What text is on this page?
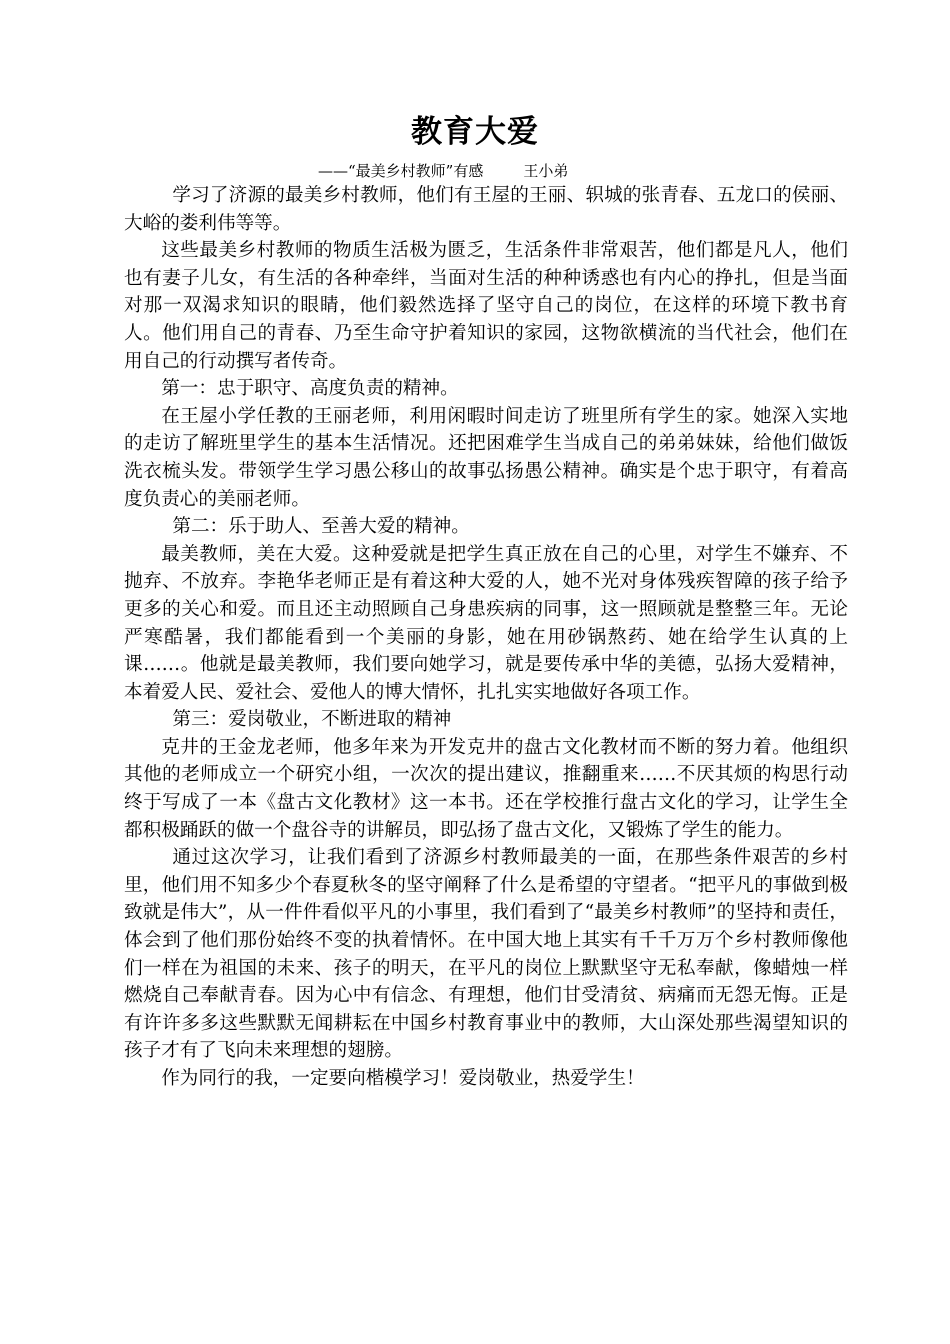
教育大爱
——“最美乡村教师”有感	王小弟

学习了济源的最美乡村教师，他们有王屋的王丽、轵城的张青春、五龙口的侯丽、大峪的娄利伟等等。

这些最美乡村教师的物质生活极为匮乏，生活条件非常艰苦，他们都是凡人，他们也有妻子儿女，有生活的各种牵绊，当面对生活的种种诱惑也有内心的挣扎，但是当面对那一双渴求知识的眼睛，他们毅然选择了坚守自己的岗位，在这样的环境下教书育人。他们用自己的青春、乃至生命守护着知识的家园，这物欲横流的当代社会，他们在用自己的行动撰写者传奇。

第一：忠于职守、高度负责的精神。

在王屋小学任教的王丽老师，利用闲暇时间走访了班里所有学生的家。她深入实地的走访了解班里学生的基本生活情况。还把困难学生当成自己的弟弟妹妹，给他们做饭洗衣梳头发。带领学生学习愚公移山的故事弘扬愚公精神。确实是个忠于职守，有着高度负责心的美丽老师。

第二：乐于助人、至善大爱的精神。

最美教师，美在大爱。这种爱就是把学生真正放在自己的心里，对学生不嫌弃、不抛弃、不放弃。李艳华老师正是有着这种大爱的人，她不光对身体残疾智障的孩子给予更多的关心和爱。而且还主动照顾自己身患疾病的同事，这一照顾就是整整三年。无论严寒酷暑，我们都能看到一个美丽的身影，她在用砂锅熬药、她在给学生认真的上课……。他就是最美教师，我们要向她学习，就是要传承中华的美德，弘扬大爱精神，本着爱人民、爱社会、爱他人的博大情怀，扎扎实实地做好各项工作。

第三：爱岗敬业，不断进取的精神

克井的王金龙老师，他多年来为开发克井的盘古文化教材而不断的努力着。他组织其他的老师成立一个研究小组，一次次的提出建议，推翻重来……不厌其烦的构思行动终于写成了一本《盘古文化教材》这一本书。还在学校推行盘古文化的学习，让学生全都积极踊跃的做一个盘谷寺的讲解员，即弘扬了盘古文化，又锻炼了学生的能力。

通过这次学习，让我们看到了济源乡村教师最美的一面，在那些条件艰苦的乡村里，他们用不知多少个春夏秋冬的坚守阐释了什么是希望的守望者。“把平凡的事做到极致就是伟大”，从一件件看似平凡的小事里，我们看到了“最美乡村教师”的坚持和责任，体会到了他们那份始终不变的执着情怀。在中国大地上其实有千千万万个乡村教师像他们一样在为祖国的未来、孩子的明天，在平凡的岗位上默默坚守无私奉献，像蜡烛一样燃烧自己奉献青春。因为心中有信念、有理想，他们甘受清贫、病痛而无怨无悔。正是有许许多多这些默默无闻耕耘在中国乡村教育事业中的教师，大山深处那些渴望知识的孩子才有了飞向未来理想的翅膀。

作为同行的我，一定要向楷模学习！爱岗敬业，热爱学生！
